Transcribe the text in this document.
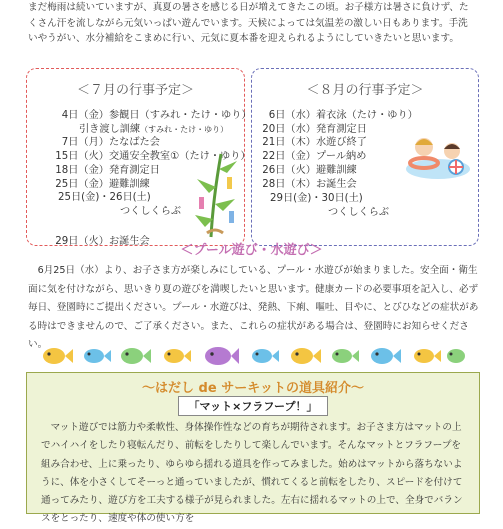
まだ梅雨は続いていますが、真夏の暑さを感じる日が増えてきたこの頃。お子様方は暑さに負けず、たくさん汗を流しながら元気いっぱい遊んでいます。天候によっては気温差の激しい日もあります。手洗いやうがい、水分補給をこまめに行い、元気に夏本番を迎えられるようにしていきたいと思います。

＜７月の行事予定＞
4日（金）参観日（すみれ・たけ・ゆり）
引き渡し訓練（すみれ・たけ・ゆり）
7日（月）たなばた会
15日（火）交通安全教室①（たけ・ゆり）
18日（金）発育測定日
25日（金）避難訓練
25日(金)・26日(土)
つくしくらぶ
29日（火）お誕生会
＜８月の行事予定＞
6日（水）着衣泳（たけ・ゆり）
20日（水）発育測定日
21日（木）水遊び終了
22日（金）プール納め
26日（火）避難訓練
28日（木）お誕生会
29日(金)・30日(土)
つくしくらぶ
＜プール遊び・水遊び＞

6月25日（水）より、お子さま方が楽しみにしている、プール・水遊びが始まりました。安全面・衛生面に気を付けながら、思いきり夏の遊びを満喫したいと思います。健康カードの必要事項を記入し、必ず毎日、登園時にご提出ください。プール・水遊びは、発熱、下痢、嘔吐、目やに、とびひなどの症状がある時はできませんので、ご了承ください。また、これらの症状がある場合は、登園時にお知らせください。

～はだし de サーキットの道具紹介～
「マット×フラフープ！」

マット遊びでは筋力や柔軟性、身体操作性などの育ちが期待されます。お子さま方はマットの上でハイハイをしたり寝転んだり、前転をしたりして楽しんでいます。そんなマットとフラフープを組み合わせ、上に乗ったり、ゆらゆら揺れる道具を作ってみました。始めはマットから落ちないように、体を小さくしてそーっと通っていましたが、慣れてくると前転をしたり、スピードを付けて通ってみたり、遊び方を工夫する様子が見られました。左右に揺れるマットの上で、全身でバランスをとったり、速度や体の使い方を
